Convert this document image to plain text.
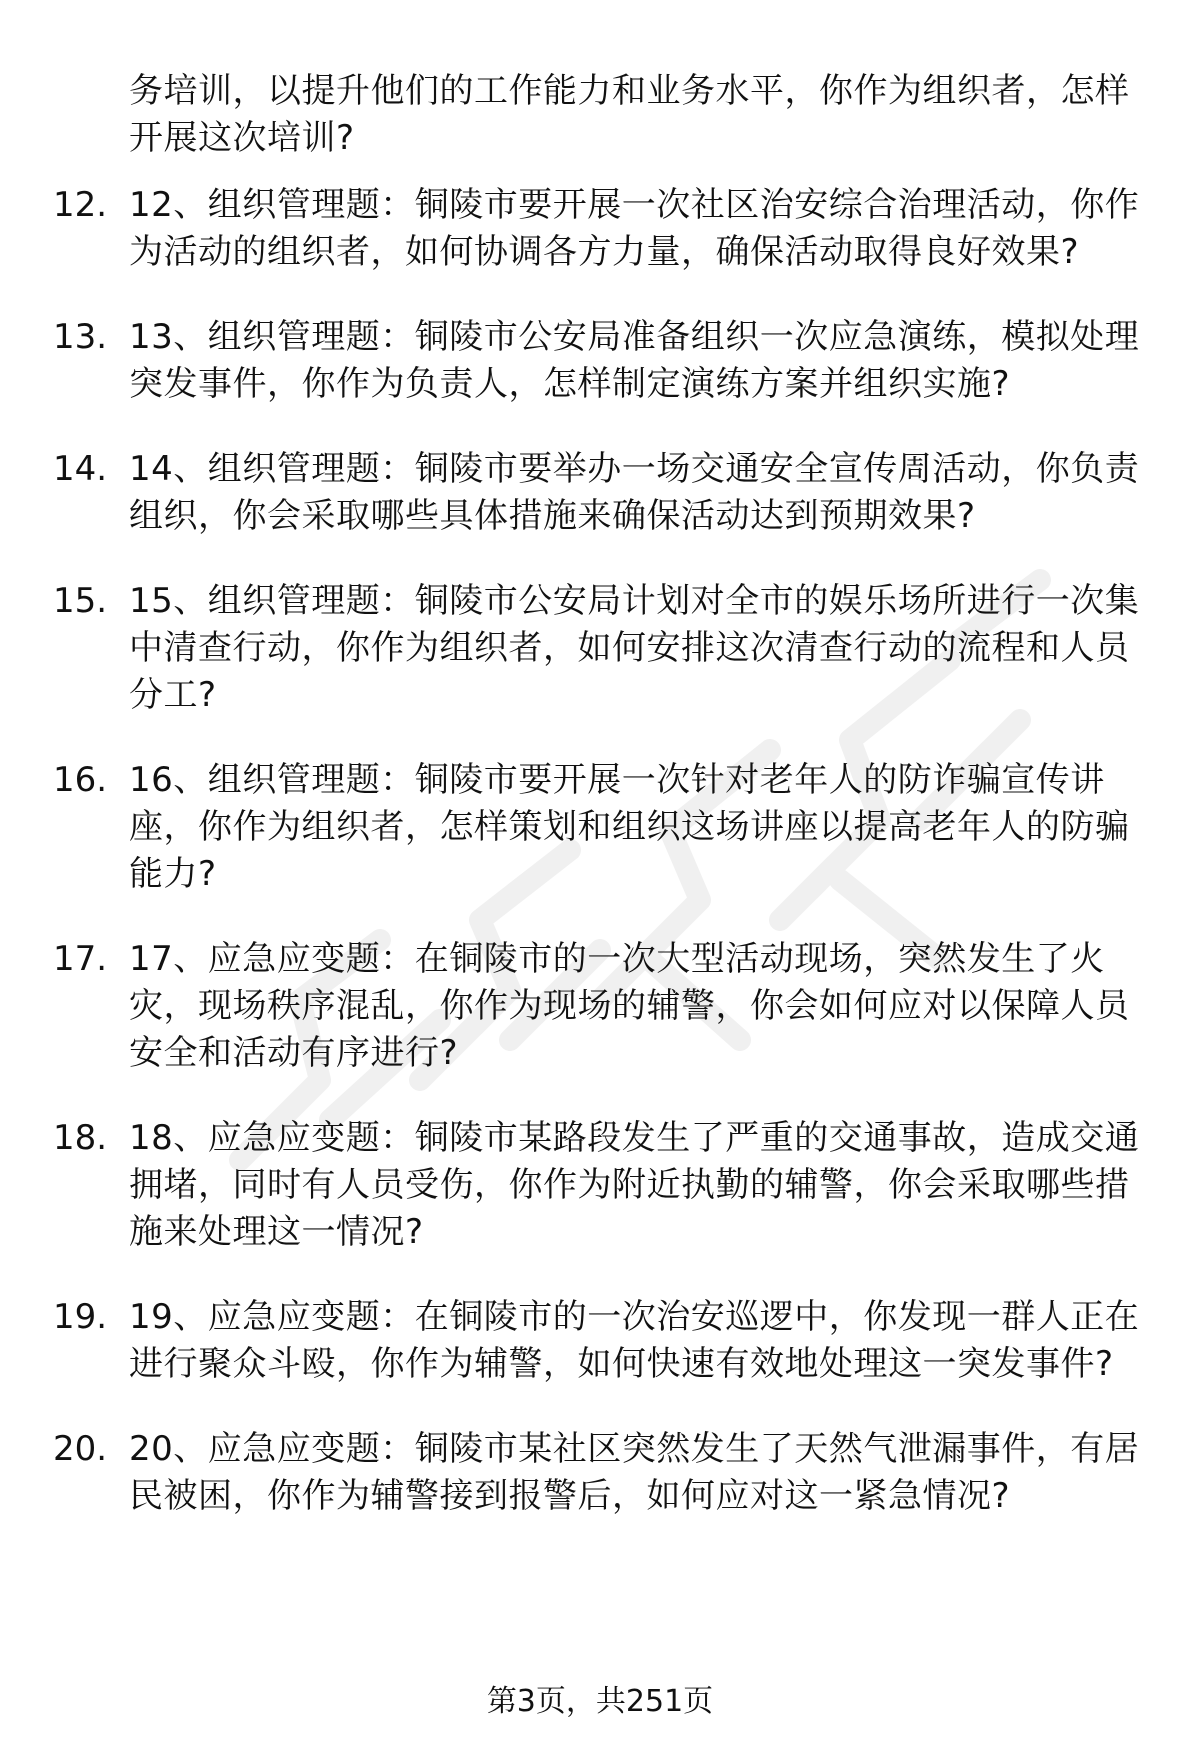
务培训，以提升他们的工作能力和业务水平，你作为组织者，怎样开展这次培训?
12. 12、组织管理题：铜陵市要开展一次社区治安综合治理活动，你作为活动的组织者，如何协调各方力量，确保活动取得良好效果?
13. 13、组织管理题：铜陵市公安局准备组织一次应急演练，模拟处理突发事件，你作为负责人，怎样制定演练方案并组织实施?
14. 14、组织管理题：铜陵市要举办一场交通安全宣传周活动，你负责组织，你会采取哪些具体措施来确保活动达到预期效果?
15. 15、组织管理题：铜陵市公安局计划对全市的娱乐场所进行一次集中清查行动，你作为组织者，如何安排这次清查行动的流程和人员分工?
16. 16、组织管理题：铜陵市要开展一次针对老年人的防诈骗宣传讲座，你作为组织者，怎样策划和组织这场讲座以提高老年人的防骗能力?
17. 17、应急应变题：在铜陵市的一次大型活动现场，突然发生了火灾，现场秩序混乱，你作为现场的辅警，你会如何应对以保障人员安全和活动有序进行?
18. 18、应急应变题：铜陵市某路段发生了严重的交通事故，造成交通拥堵，同时有人员受伤，你作为附近执勤的辅警，你会采取哪些措施来处理这一情况?
19. 19、应急应变题：在铜陵市的一次治安巡逻中，你发现一群人正在进行聚众斗殴，你作为辅警，如何快速有效地处理这一突发事件?
20. 20、应急应变题：铜陵市某社区突然发生了天然气泄漏事件，有居民被困，你作为辅警接到报警后，如何应对这一紧急情况?
第3页，共251页
